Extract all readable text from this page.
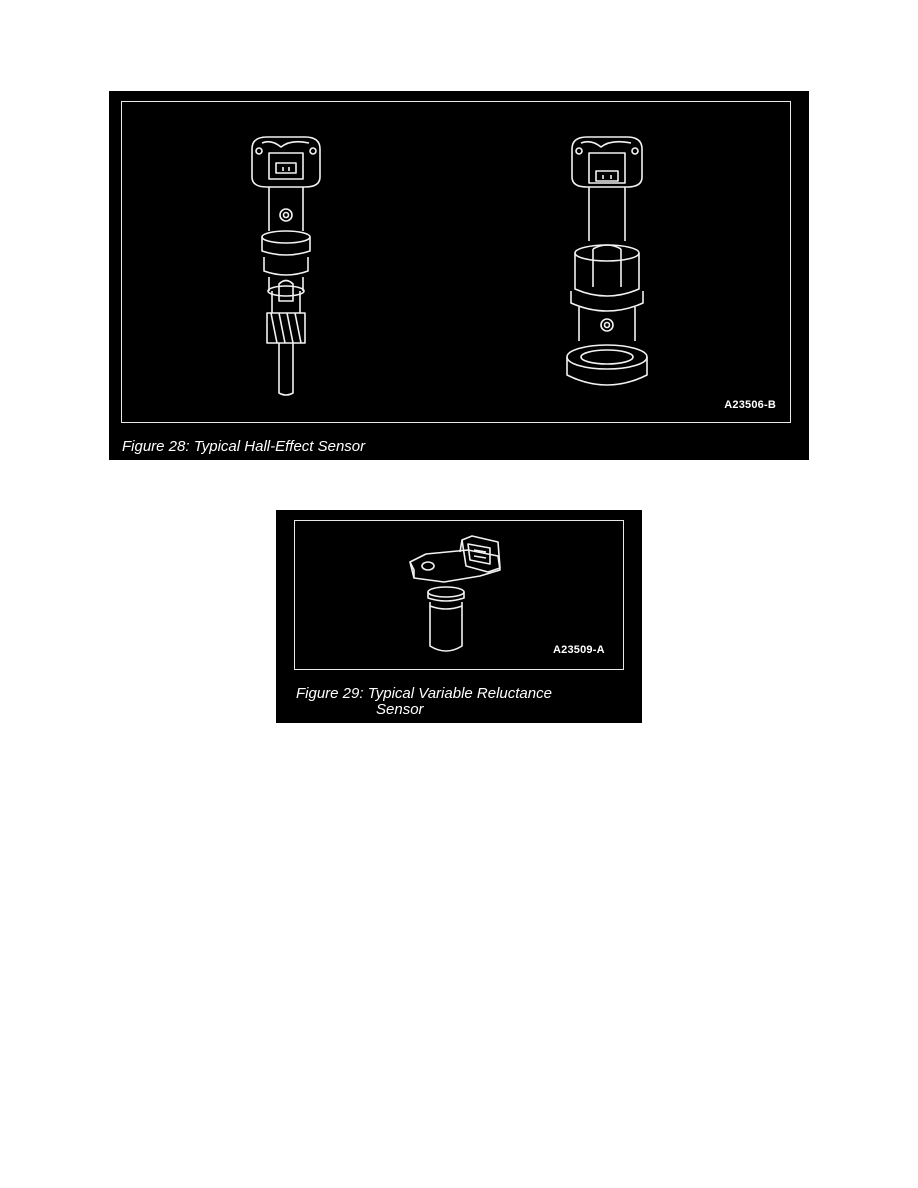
A23506-B
Figure 28: Typical Hall-Effect Sensor
A23509-A
Figure 29: Typical Variable Reluctance
Sensor
